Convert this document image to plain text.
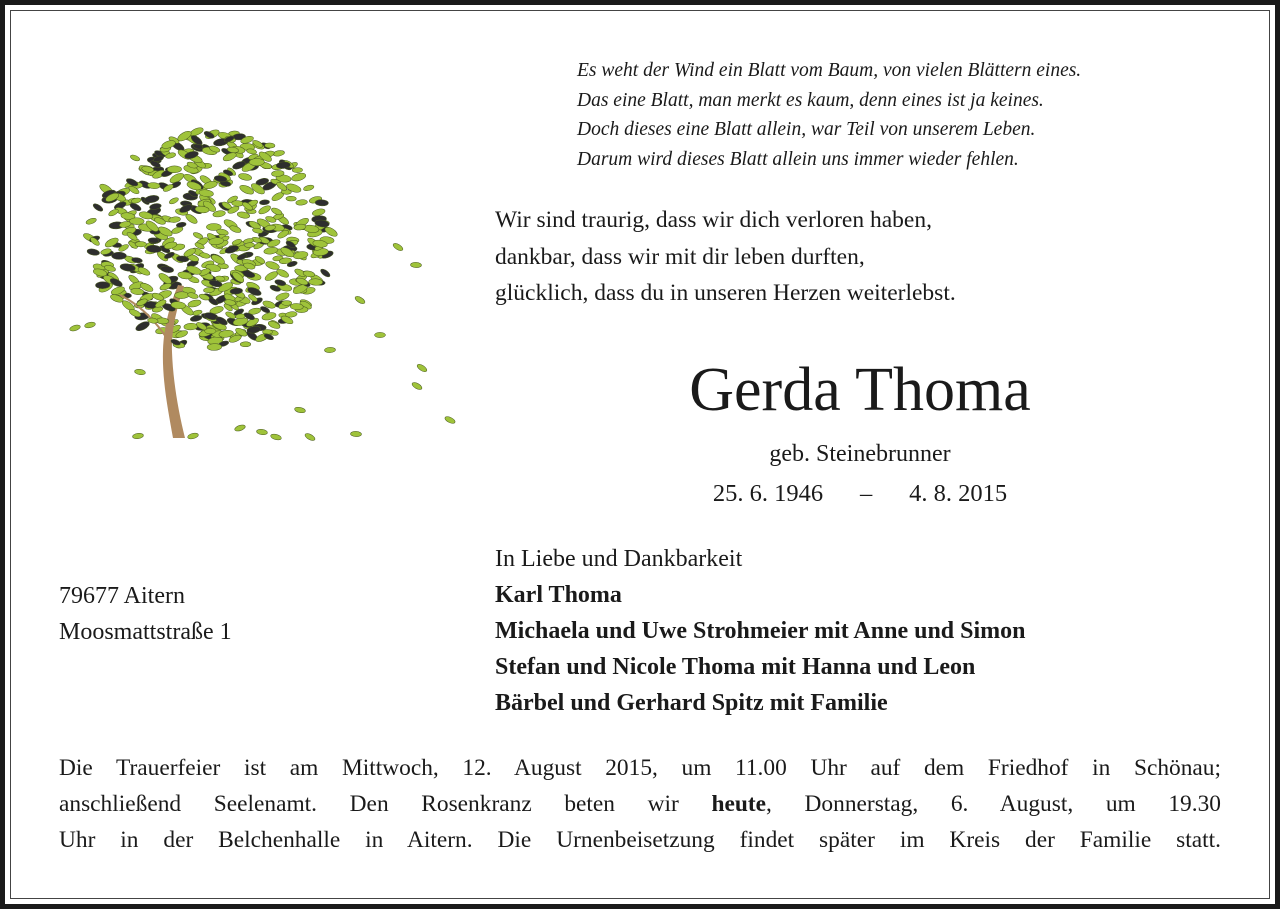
Es weht der Wind ein Blatt vom Baum, von vielen Blättern eines.
Das eine Blatt, man merkt es kaum, denn eines ist ja keines.
Doch dieses eine Blatt allein, war Teil von unserem Leben.
Darum wird dieses Blatt allein uns immer wieder fehlen.
Wir sind traurig, dass wir dich verloren haben,
dankbar, dass wir mit dir leben durften,
glücklich, dass du in unseren Herzen weiterlebst.
Gerda Thoma
geb. Steinebrunner
25. 6. 1946 – 4. 8. 2015
In Liebe und Dankbarkeit
Karl Thoma
Michaela und Uwe Strohmeier mit Anne und Simon
Stefan und Nicole Thoma mit Hanna und Leon
Bärbel und Gerhard Spitz mit Familie
79677 Aitern
Moosmattstraße 1
Die Trauerfeier ist am Mittwoch, 12. August 2015, um 11.00 Uhr auf dem Friedhof in Schönau;
anschließend Seelenamt. Den Rosenkranz beten wir heute, Donnerstag, 6. August, um 19.30
Uhr in der Belchenhalle in Aitern. Die Urnenbeisetzung findet später im Kreis der Familie statt.
